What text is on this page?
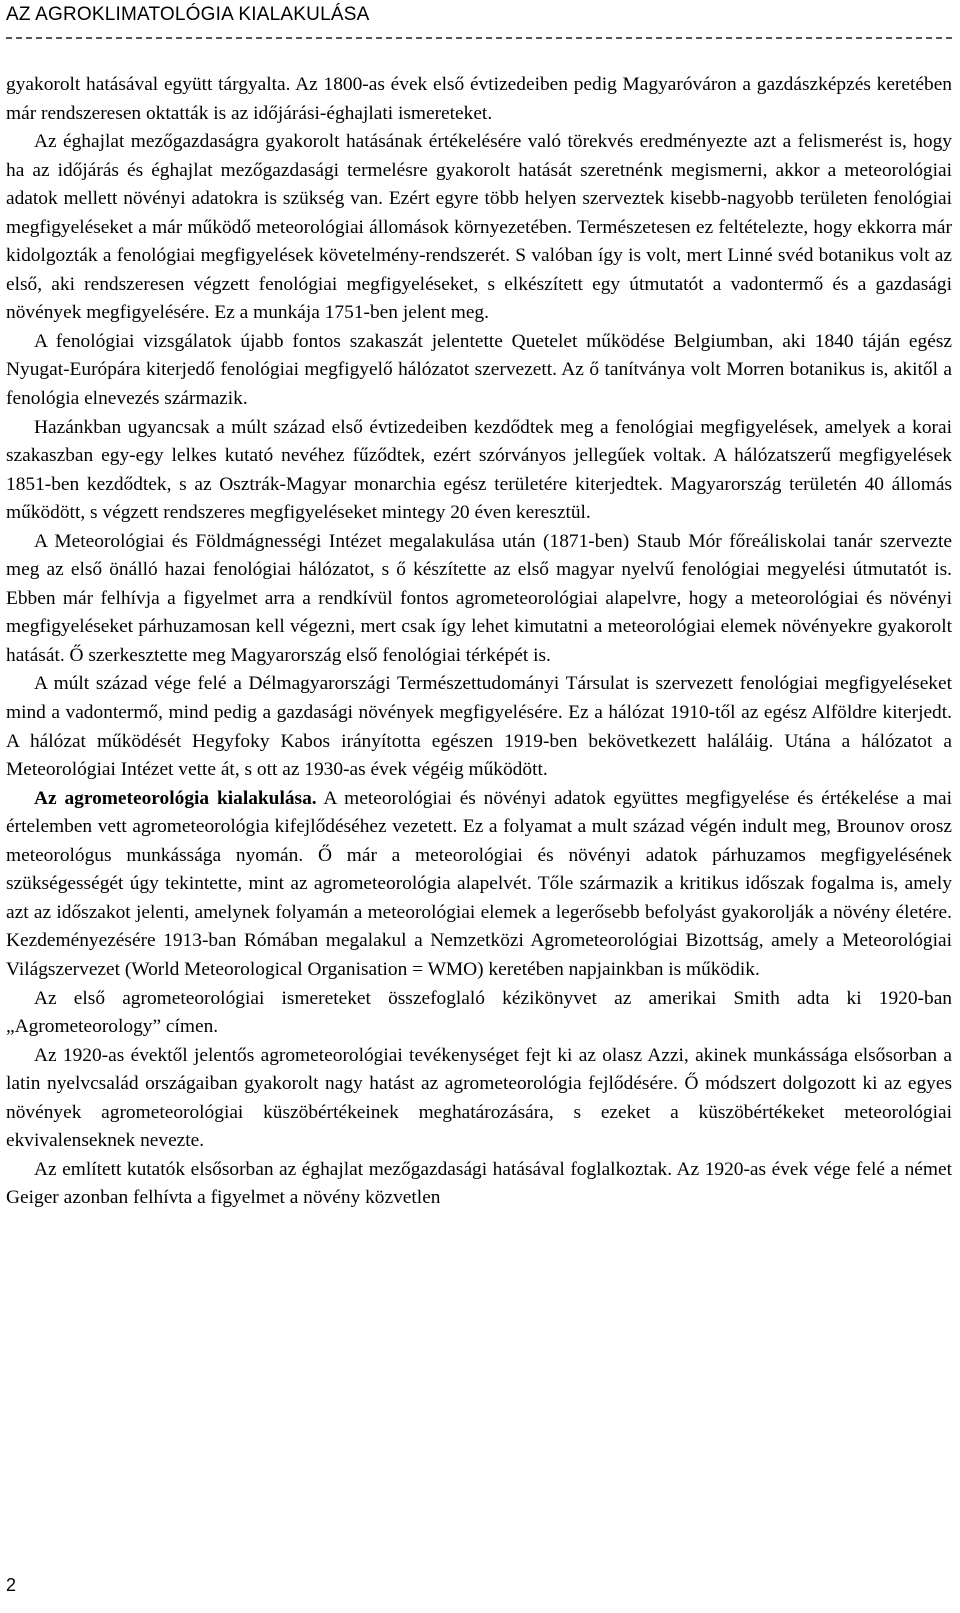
AZ AGROKLIMATOLÓGIA KIALAKULÁSA

gyakorolt hatásával együtt tárgyalta. Az 1800-as évek első évtizedeiben pedig Magyaróváron a gazdászképzés keretében már rendszeresen oktatták is az időjárási-éghajlati ismereteket.

Az éghajlat mezőgazdaságra gyakorolt hatásának értékelésére való törekvés eredményezte azt a felismerést is, hogy ha az időjárás és éghajlat mezőgazdasági termelésre gyakorolt hatását szeretnénk megismerni, akkor a meteorológiai adatok mellett növényi adatokra is szükség van. Ezért egyre több helyen szerveztek kisebb-nagyobb területen fenológiai megfigyeléseket a már működő meteorológiai állomások környezetében. Természetesen ez feltételezte, hogy ekkorra már kidolgozták a fenológiai megfigyelések követelmény-rendszerét. S valóban így is volt, mert Linné svéd botanikus volt az első, aki rendszeresen végzett fenológiai megfigyeléseket, s elkészített egy útmutatót a vadontermő és a gazdasági növények megfigyelésére. Ez a munkája 1751-ben jelent meg.

A fenológiai vizsgálatok újabb fontos szakaszát jelentette Quetelet működése Belgiumban, aki 1840 táján egész Nyugat-Európára kiterjedő fenológiai megfigyelő hálózatot szervezett. Az ő tanítványa volt Morren botanikus is, akitől a fenológia elnevezés származik.

Hazánkban ugyancsak a múlt század első évtizedeiben kezdődtek meg a fenológiai megfigyelések, amelyek a korai szakaszban egy-egy lelkes kutató nevéhez fűződtek, ezért szórványos jellegűek voltak. A hálózatszerű megfigyelések 1851-ben kezdődtek, s az Osztrák-Magyar monarchia egész területére kiterjedtek. Magyarország területén 40 állomás működött, s végzett rendszeres megfigyeléseket mintegy 20 éven keresztül.

A Meteorológiai és Földmágnességi Intézet megalakulása után (1871-ben) Staub Mór főreáliskolai tanár szervezte meg az első önálló hazai fenológiai hálózatot, s ő készítette az első magyar nyelvű fenológiai megyelési útmutatót is. Ebben már felhívja a figyelmet arra a rendkívül fontos agrometeorológiai alapelvre, hogy a meteorológiai és növényi megfigyeléseket párhuzamosan kell végezni, mert csak így lehet kimutatni a meteorológiai elemek növényekre gyakorolt hatását. Ő szerkesztette meg Magyarország első fenológiai térképét is.

A múlt század vége felé a Délmagyarországi Természettudományi Társulat is szervezett fenológiai megfigyeléseket mind a vadontermő, mind pedig a gazdasági növények megfigyelésére. Ez a hálózat 1910-től az egész Alföldre kiterjedt. A hálózat működését Hegyfoky Kabos irányította egészen 1919-ben bekövetkezett haláláig. Utána a hálózatot a Meteorológiai Intézet vette át, s ott az 1930-as évek végéig működött.

Az agrometeorológia kialakulása. A meteorológiai és növényi adatok együttes megfigyelése és értékelése a mai értelemben vett agrometeorológia kifejlődéséhez vezetett. Ez a folyamat a mult század végén indult meg, Brounov orosz meteorológus munkássága nyomán. Ő már a meteorológiai és növényi adatok párhuzamos megfigyelésének szükségességét úgy tekintette, mint az agrometeorológia alapelvét. Tőle származik a kritikus időszak fogalma is, amely azt az időszakot jelenti, amelynek folyamán a meteorológiai elemek a legerősebb befolyást gyakorolják a növény életére. Kezdeményezésére 1913-ban Rómában megalakul a Nemzetközi Agrometeorológiai Bizottság, amely a Meteorológiai Világszervezet (World Meteorological Organisation = WMO) keretében napjainkban is működik.

Az első agrometeorológiai ismereteket összefoglaló kézikönyvet az amerikai Smith adta ki 1920-ban „Agrometeorology” címen.

Az 1920-as évektől jelentős agrometeorológiai tevékenységet fejt ki az olasz Azzi, akinek munkássága elsősorban a latin nyelvcsalád országaiban gyakorolt nagy hatást az agrometeorológia fejlődésére. Ő módszert dolgozott ki az egyes növények agrometeorológiai küszöbértékeinek meghatározására, s ezeket a küszöbértékeket meteorológiai ekvivalenseknek nevezte.

Az említett kutatók elsősorban az éghajlat mezőgazdasági hatásával foglalkoztak. Az 1920-as évek vége felé a német Geiger azonban felhívta a figyelmet a növény közvetlen

2
